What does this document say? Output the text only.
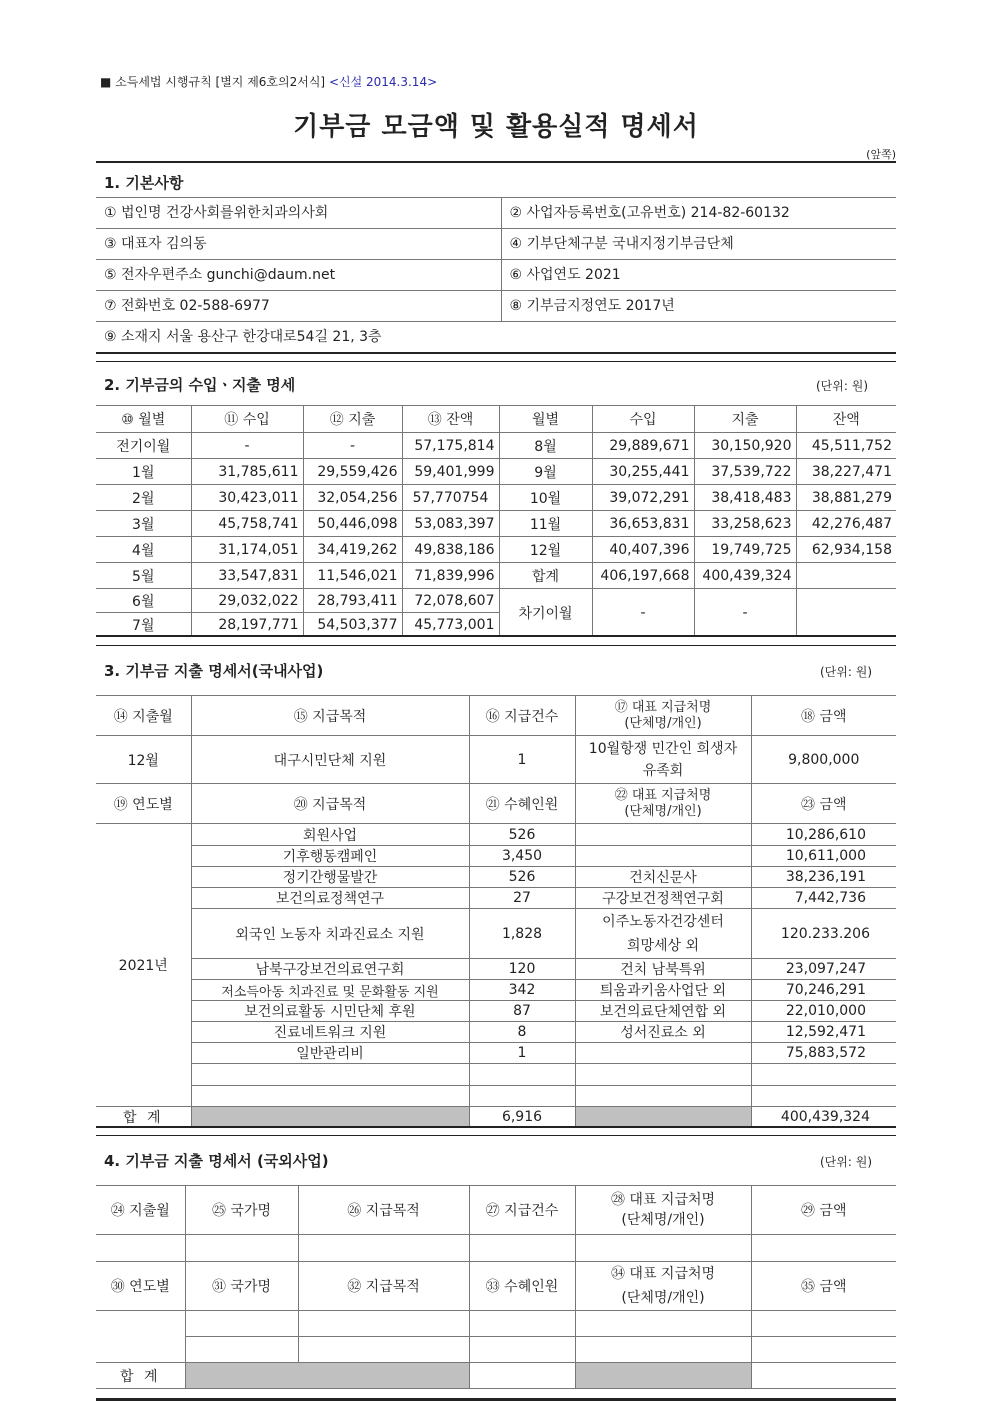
■ 소득세법 시행규칙 [별지 제6호의2서식] <신설 2014.3.14>
기부금 모금액 및 활용실적 명세서
(앞쪽)
1. 기본사항
① 법인명 건강사회를위한치과의사회	② 사업자등록번호(고유번호) 214-82-60132
③ 대표자 김의동	④ 기부단체구분 국내지정기부금단체
⑤ 전자우편주소 gunchi@daum.net	⑥ 사업연도 2021
⑦ 전화번호 02-588-6977	⑧ 기부금지정연도 2017년
⑨ 소재지 서울 용산구 한강대로54길 21, 3층	
2. 기부금의 수입ㆍ지출 명세	(단위: 원)
⑩ 월별	⑪ 수입	⑫ 지출	⑬ 잔액	월별	수입	지출	잔액
전기이월	-	-	57,175,814	8월	29,889,671	30,150,920	45,511,752
1월	31,785,611	29,559,426	59,401,999	9월	30,255,441	37,539,722	38,227,471
2월	30,423,011	32,054,256	57,770754	10월	39,072,291	38,418,483	38,881,279
3월	45,758,741	50,446,098	53,083,397	11월	36,653,831	33,258,623	42,276,487
4월	31,174,051	34,419,262	49,838,186	12월	40,407,396	19,749,725	62,934,158
5월	33,547,831	11,546,021	71,839,996	합계	406,197,668	400,439,324	
6월	29,032,022	28,793,411	72,078,607	차기이월	-	-	
7월	28,197,771	54,503,377	45,773,001				
3. 기부금 지출 명세서(국내사업)	(단위: 원)
⑭ 지출월	⑮ 지급목적	⑯ 지급건수	⑰ 대표 지급처명
(단체명/개인)	⑱ 금액
12월	대구시민단체 지원	1	10월항쟁 민간인 희생자
유족회	9,800,000
⑲ 연도별	⑳ 지급목적	㉑ 수혜인원	㉒ 대표 지급처명
(단체명/개인)	㉓ 금액
2021년	회원사업	526		10,286,610
	기후행동캠페인	3,450		10,611,000
	정기간행물발간	526	건치신문사	38,236,191
	보건의료정책연구	27	구강보건정책연구회	7,442,736
	외국인 노동자 치과진료소 지원	1,828	이주노동자건강센터
희망세상 외	120.233.206
	남북구강보건의료연구회	120	건치 남북특위	23,097,247
	저소득아동 치과진료 및 문화활동 지원	342	틔움과키움사업단 외	70,246,291
	보건의료활동 시민단체 후원	87	보건의료단체연합 외	22,010,000
	진료네트워크 지원	8	성서진료소 외	12,592,471
	일반관리비	1		75,883,572

합 계		6,916		400,439,324
4. 기부금 지출 명세서 (국외사업)	(단위: 원)
㉔ 지출월	㉕ 국가명	㉖ 지급목적	㉗ 지급건수	㉘ 대표 지급처명
(단체명/개인)	㉙ 금액

㉚ 연도별	㉛ 국가명	㉜ 지급목적	㉝ 수혜인원	㉞ 대표 지급처명
(단체명/개인)	㉟ 금액

합 계					
